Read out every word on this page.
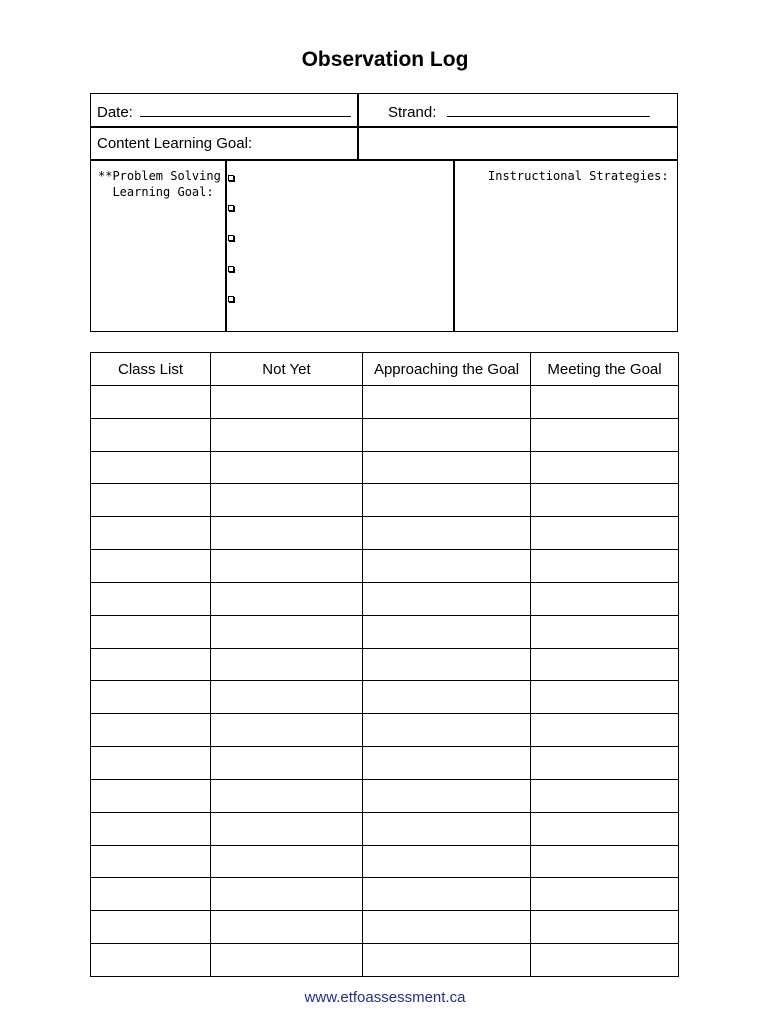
Observation Log
Date:	Strand:
Content Learning Goal:
**Problem Solving
Learning Goal:
Instructional Strategies:
Class List	Not Yet	Approaching the Goal	Meeting the Goal

www.etfoassessment.ca
